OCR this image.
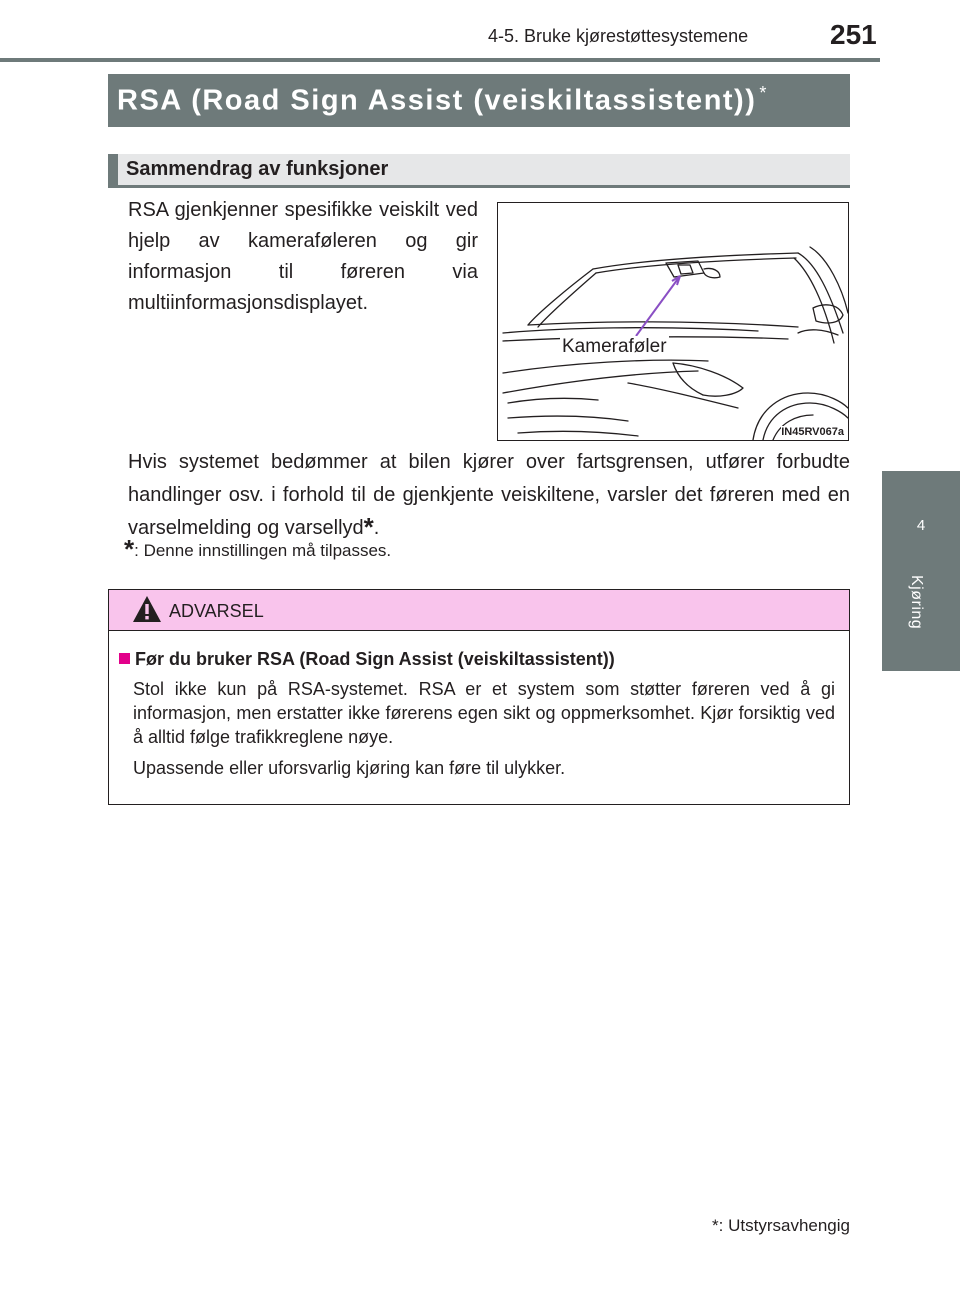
4-5. Bruke kjørestøttesystemene	251
4
Kjøring
RSA (Road Sign Assist (veiskiltassistent)) *
Sammendrag av funksjoner
RSA gjenkjenner spesifikke veiskilt ved hjelp av kamerafølеren og gir informasjon til føreren via multiinformasjonsdisplayet.
Kamerafølеr
IN45RV067a
Hvis systemet bedømmer at bilen kjører over fartsgrensen, utfører forbudte handlinger osv. i forhold til de gjenkjente veiskiltene, varsler det føreren med en varselmelding og varsellyd*.
*: Denne innstillingen må tilpasses.
ADVARSEL
Før du bruker RSA (Road Sign Assist (veiskiltassistent))
Stol ikke kun på RSA-systemet. RSA er et system som støtter føreren ved å gi informasjon, men erstatter ikke førerens egen sikt og oppmerksomhet. Kjør forsiktig ved å alltid følge trafikkreglene nøye.
Upassende eller uforsvarlig kjøring kan føre til ulykker.
*: Utstyrsavhengig
